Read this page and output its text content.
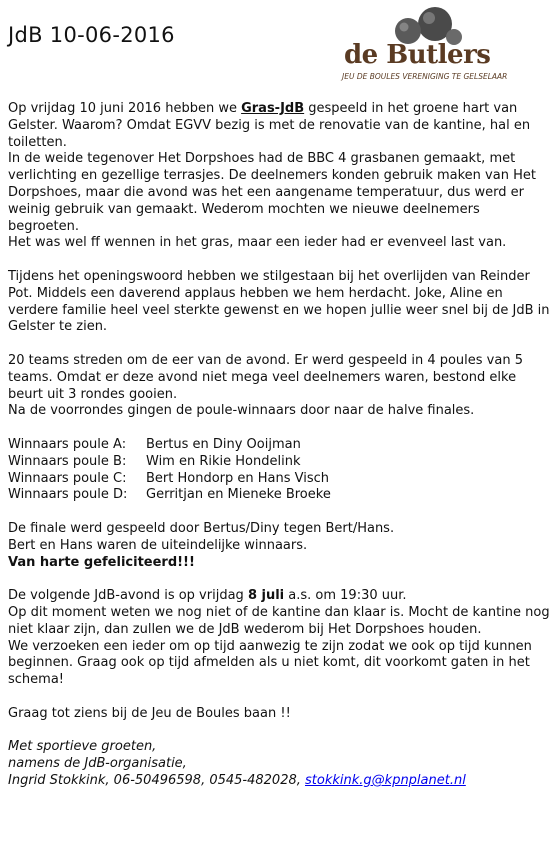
JdB 10-06-2016
de Butlers
JEU DE BOULES VERENIGING TE GELSELAAR

Op vrijdag 10 juni 2016 hebben we Gras-JdB gespeeld in het groene hart van Gelster. Waarom? Omdat EGVV bezig is met de renovatie van de kantine, hal en toiletten.

In de weide tegenover Het Dorpshoes had de BBC 4 grasbanen gemaakt, met verlichting en gezellige terrasjes. De deelnemers konden gebruik maken van Het Dorpshoes, maar die avond was het een aangename temperatuur, dus werd er weinig gebruik van gemaakt. Wederom mochten we nieuwe deelnemers begroeten.

Het was wel ff wennen in het gras, maar een ieder had er evenveel last van.

Tijdens het openingswoord hebben we stilgestaan bij het overlijden van Reinder Pot. Middels een daverend applaus hebben we hem herdacht. Joke, Aline en verdere familie heel veel sterkte gewenst en we hopen jullie weer snel bij de JdB in Gelster te zien.

20 teams streden om de eer van de avond. Er werd gespeeld in 4 poules van 5 teams. Omdat er deze avond niet mega veel deelnemers waren, bestond elke beurt uit 3 rondes gooien.

Na de voorrondes gingen de poule-winnaars door naar de halve finales.

Winnaars poule A:	Bertus en Diny Ooijman
Winnaars poule B:	Wim en Rikie Hondelink
Winnaars poule C:	Bert Hondorp en Hans Visch
Winnaars poule D:	Gerritjan en Mieneke Broeke

De finale werd gespeeld door Bertus/Diny tegen Bert/Hans.

Bert en Hans waren de uiteindelijke winnaars.

Van harte gefeliciteerd!!!

De volgende JdB-avond is op vrijdag 8 juli a.s. om 19:30 uur.

Op dit moment weten we nog niet of de kantine dan klaar is. Mocht de kantine nog niet klaar zijn, dan zullen we de JdB wederom bij Het Dorpshoes houden.

We verzoeken een ieder om op tijd aanwezig te zijn zodat we ook op tijd kunnen beginnen. Graag ook op tijd afmelden als u niet komt, dit voorkomt gaten in het schema!

Graag tot ziens bij de Jeu de Boules baan !!

Met sportieve groeten,

namens de JdB-organisatie,

Ingrid Stokkink, 06-50496598, 0545-482028, stokkink.g@kpnplanet.nl
